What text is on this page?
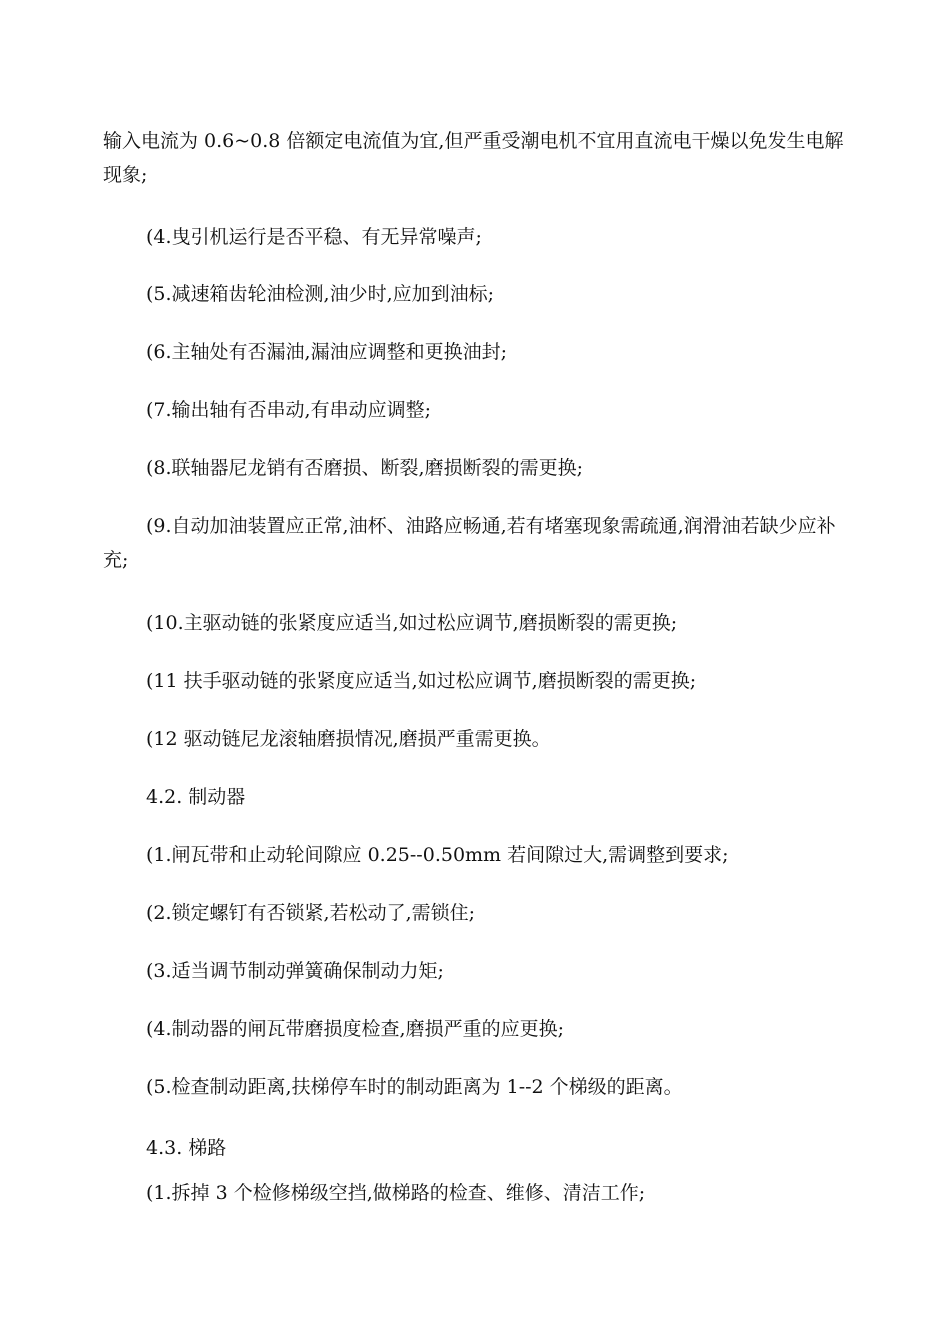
输入电流为 0.6~0.8 倍额定电流值为宜,但严重受潮电机不宜用直流电干燥以免发生电解现象;

(4.曳引机运行是否平稳、有无异常噪声;

(5.减速箱齿轮油检测,油少时,应加到油标;

(6.主轴处有否漏油,漏油应调整和更换油封;

(7.输出轴有否串动,有串动应调整;

(8.联轴器尼龙销有否磨损、断裂,磨损断裂的需更换;

(9.自动加油装置应正常,油杯、油路应畅通,若有堵塞现象需疏通,润滑油若缺少应补充;

(10.主驱动链的张紧度应适当,如过松应调节,磨损断裂的需更换;

(11 扶手驱动链的张紧度应适当,如过松应调节,磨损断裂的需更换;

(12 驱动链尼龙滚轴磨损情况,磨损严重需更换。

4.2. 制动器

(1.闸瓦带和止动轮间隙应 0.25--0.50mm 若间隙过大,需调整到要求;

(2.锁定螺钉有否锁紧,若松动了,需锁住;

(3.适当调节制动弹簧确保制动力矩;

(4.制动器的闸瓦带磨损度检查,磨损严重的应更换;

(5.检查制动距离,扶梯停车时的制动距离为 1--2 个梯级的距离。

4.3. 梯路

(1.拆掉 3 个检修梯级空挡,做梯路的检查、维修、清洁工作;
